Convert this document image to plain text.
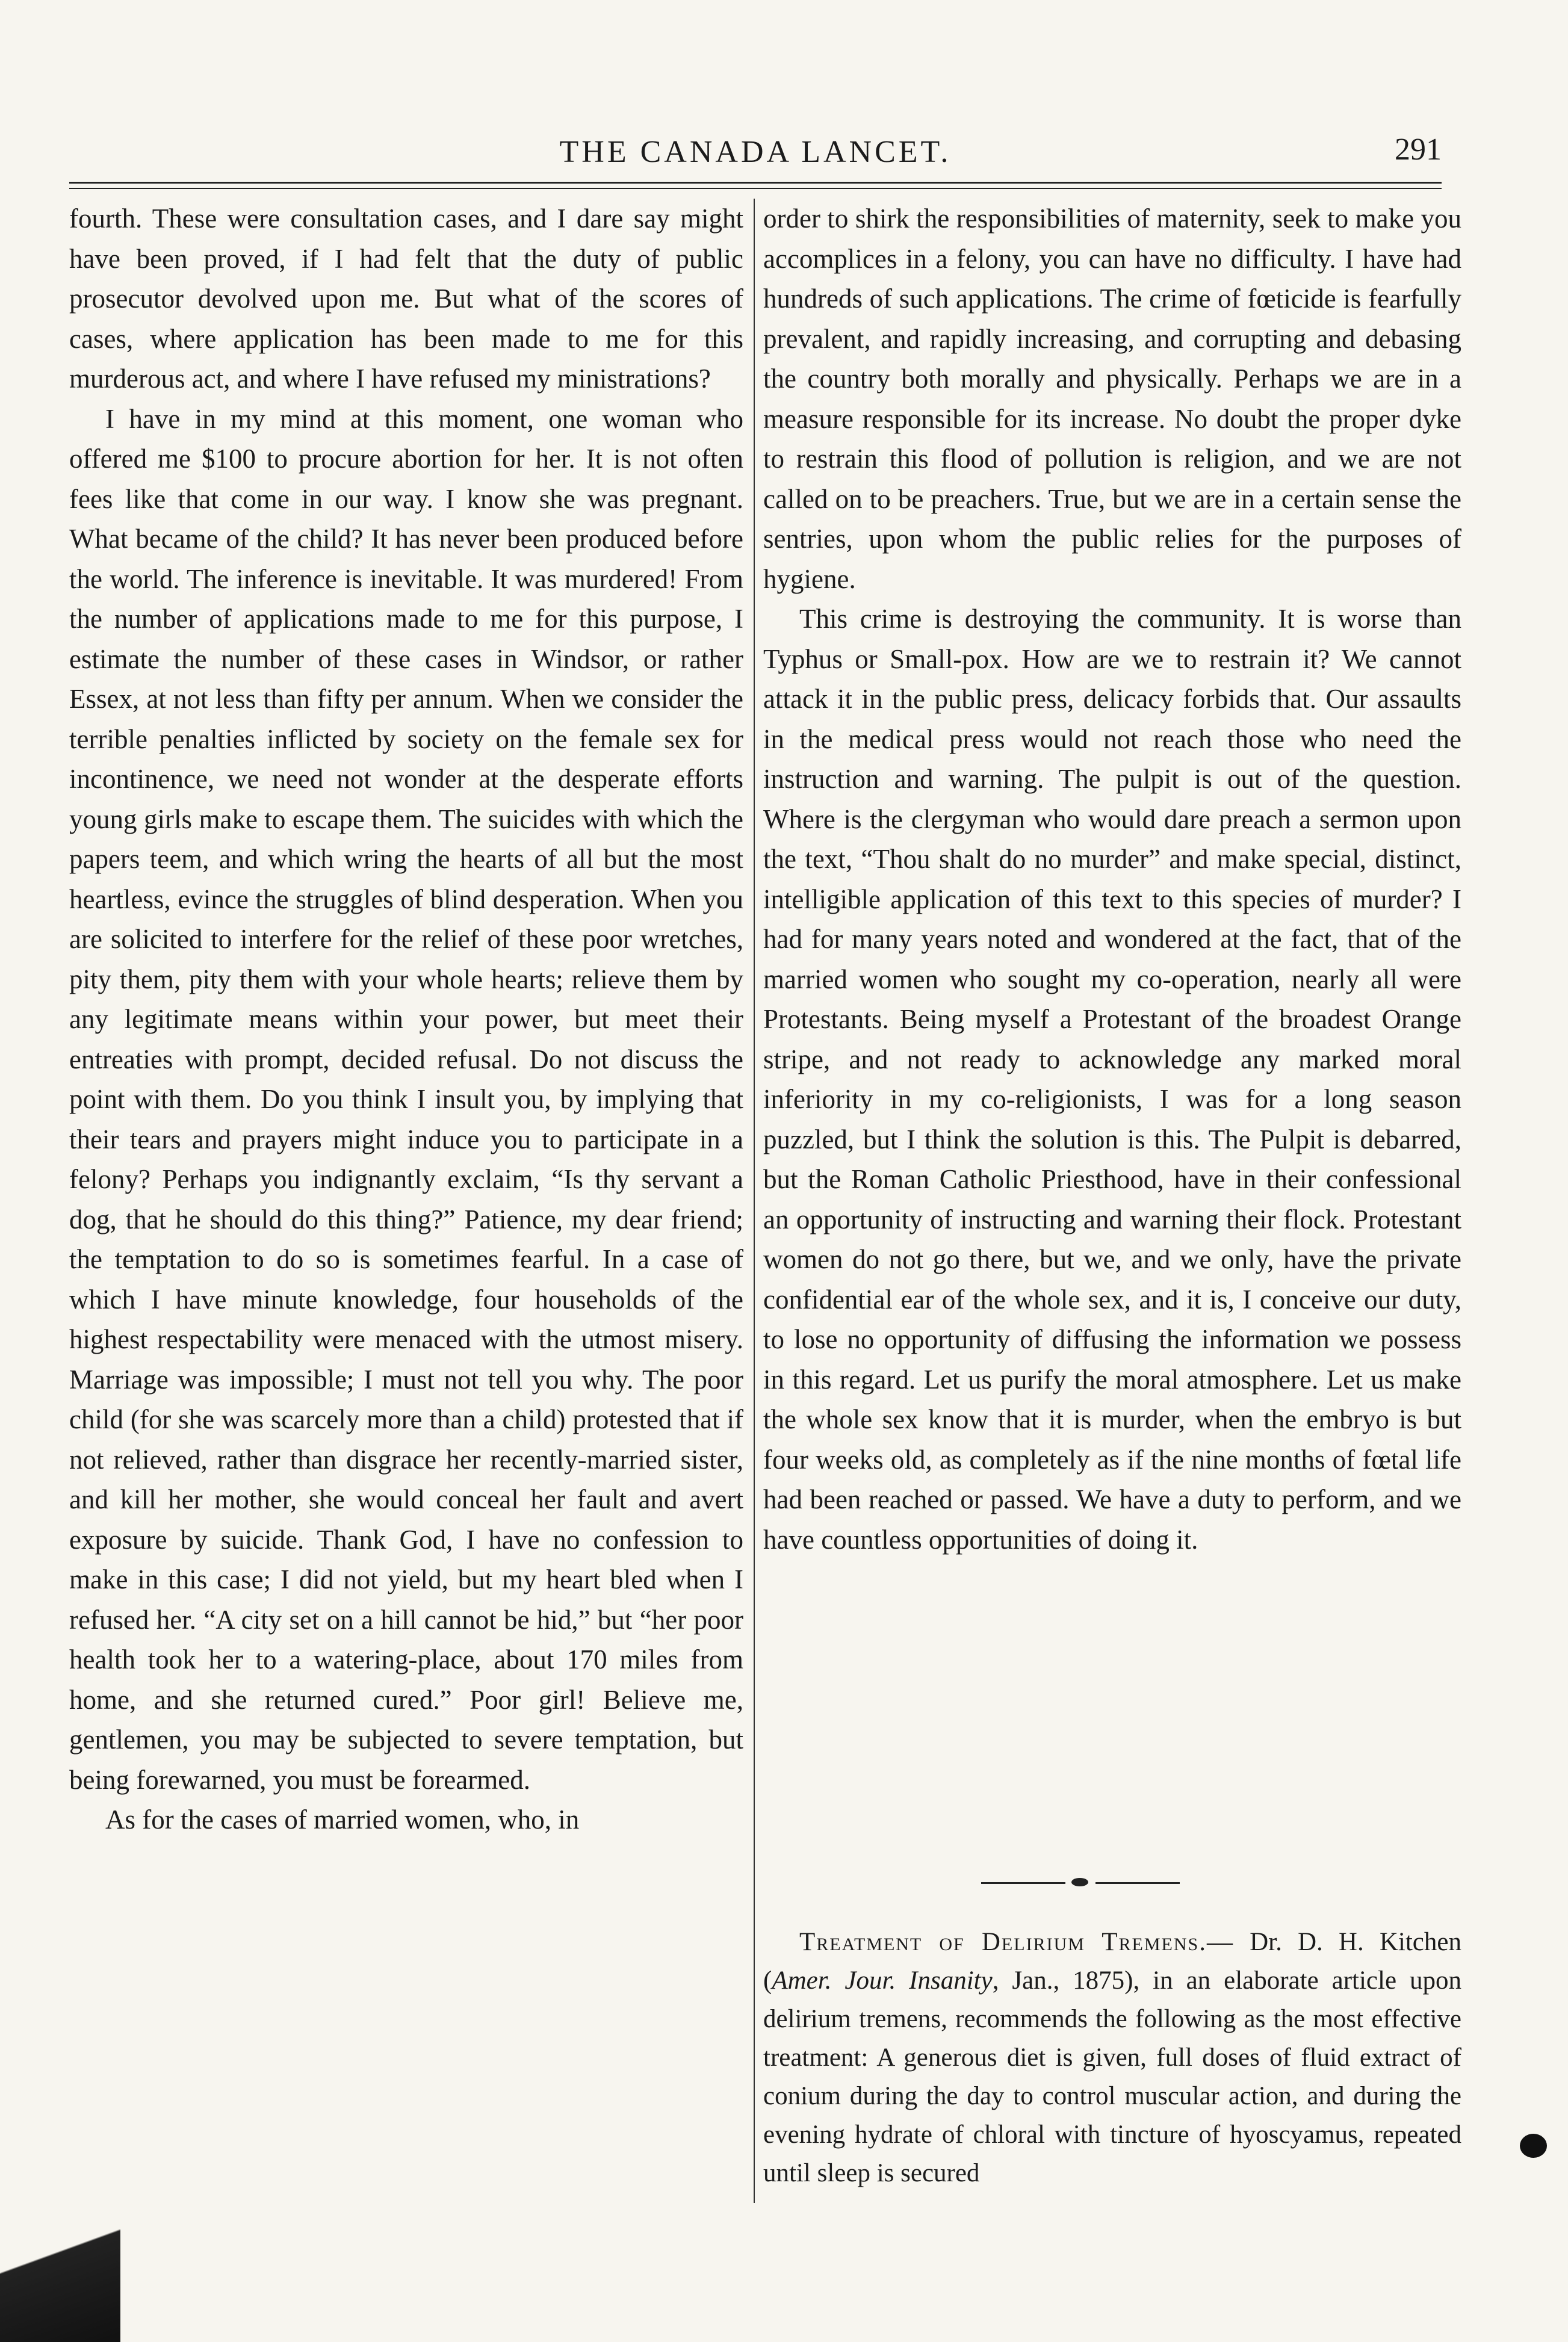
THE CANADA LANCET.	291

fourth. These were consultation cases, and I dare say might have been proved, if I had felt that the duty of public prosecutor devolved upon me. But what of the scores of cases, where application has been made to me for this murderous act, and where I have refused my ministrations?

I have in my mind at this moment, one woman who offered me $100 to procure abortion for her. It is not often fees like that come in our way. I know she was pregnant. What became of the child? It has never been produced before the world. The inference is inevitable. It was murdered! From the number of applications made to me for this purpose, I estimate the number of these cases in Windsor, or rather Essex, at not less than fifty per annum. When we consider the terrible penalties inflicted by society on the female sex for incontinence, we need not wonder at the desperate efforts young girls make to escape them. The suicides with which the papers teem, and which wring the hearts of all but the most heartless, evince the struggles of blind desperation. When you are solicited to interfere for the relief of these poor wretches, pity them, pity them with your whole hearts; relieve them by any legitimate means within your power, but meet their entreaties with prompt, decided refusal. Do not discuss the point with them. Do you think I insult you, by implying that their tears and prayers might induce you to participate in a felony? Perhaps you indignantly exclaim, “Is thy servant a dog, that he should do this thing?” Patience, my dear friend; the temptation to do so is sometimes fearful. In a case of which I have minute knowledge, four households of the highest respectability were menaced with the utmost misery. Marriage was impossible; I must not tell you why. The poor child (for she was scarcely more than a child) protested that if not relieved, rather than disgrace her recently-married sister, and kill her mother, she would conceal her fault and avert exposure by suicide. Thank God, I have no confession to make in this case; I did not yield, but my heart bled when I refused her. “A city set on a hill cannot be hid,” but “her poor health took her to a watering-place, about 170 miles from home, and she returned cured.” Poor girl! Believe me, gentlemen, you may be subjected to severe temptation, but being forewarned, you must be forearmed.

As for the cases of married women, who, in

order to shirk the responsibilities of maternity, seek to make you accomplices in a felony, you can have no difficulty. I have had hundreds of such applications. The crime of fœticide is fearfully prevalent, and rapidly increasing, and corrupting and debasing the country both morally and physically. Perhaps we are in a measure responsible for its increase. No doubt the proper dyke to restrain this flood of pollution is religion, and we are not called on to be preachers. True, but we are in a certain sense the sentries, upon whom the public relies for the purposes of hygiene.

This crime is destroying the community. It is worse than Typhus or Small-pox. How are we to restrain it? We cannot attack it in the public press, delicacy forbids that. Our assaults in the medical press would not reach those who need the instruction and warning. The pulpit is out of the question. Where is the clergyman who would dare preach a sermon upon the text, “Thou shalt do no murder” and make special, distinct, intelligible application of this text to this species of murder? I had for many years noted and wondered at the fact, that of the married women who sought my co-operation, nearly all were Protestants. Being myself a Protestant of the broadest Orange stripe, and not ready to acknowledge any marked moral inferiority in my co-religionists, I was for a long season puzzled, but I think the solution is this. The Pulpit is debarred, but the Roman Catholic Priesthood, have in their confessional an opportunity of instructing and warning their flock. Protestant women do not go there, but we, and we only, have the private confidential ear of the whole sex, and it is, I conceive our duty, to lose no opportunity of diffusing the information we possess in this regard. Let us purify the moral atmosphere. Let us make the whole sex know that it is murder, when the embryo is but four weeks old, as completely as if the nine months of fœtal life had been reached or passed. We have a duty to perform, and we have countless opportunities of doing it.

Treatment of Delirium Tremens.— Dr. D. H. Kitchen (Amer. Jour. Insanity, Jan., 1875), in an elaborate article upon delirium tremens, recommends the following as the most effective treatment: A generous diet is given, full doses of fluid extract of conium during the day to control muscular action, and during the evening hydrate of chloral with tincture of hyoscyamus, repeated until sleep is secured
